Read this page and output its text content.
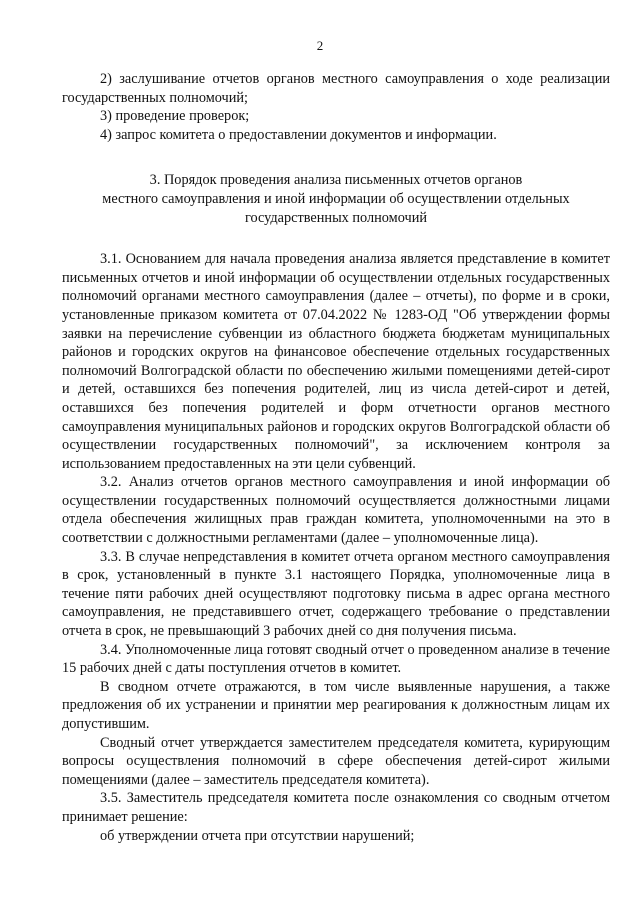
2

2) заслушивание отчетов органов местного самоуправления о ходе реализации государственных полномочий;

3) проведение проверок;

4) запрос комитета о предоставлении документов и информации.

3. Порядок проведения анализа письменных отчетов органов
местного самоуправления и иной информации об осуществлении отдельных
государственных полномочий

3.1. Основанием для начала проведения анализа является представление в комитет письменных отчетов и иной информации об осуществлении отдельных государственных полномочий органами местного самоуправления (далее – отчеты), по форме и в сроки, установленные приказом комитета от 07.04.2022 № 1283-ОД "Об утверждении формы заявки на перечисление субвенции из областного бюджета бюджетам муниципальных районов и городских округов на финансовое обеспечение отдельных государственных полномочий Волгоградской области по обеспечению жилыми помещениями детей-сирот и детей, оставшихся без попечения родителей, лиц из числа детей-сирот и детей, оставшихся без попечения родителей и форм отчетности органов местного самоуправления муниципальных районов и городских округов Волгоградской области об осуществлении государственных полномочий", за исключением контроля за использованием предоставленных на эти цели субвенций.

3.2. Анализ отчетов органов местного самоуправления и иной информации об осуществлении государственных полномочий осуществляется должностными лицами отдела обеспечения жилищных прав граждан комитета, уполномоченными на это в соответствии с должностными регламентами (далее – уполномоченные лица).

3.3. В случае непредставления в комитет отчета органом местного самоуправления в срок, установленный в пункте 3.1 настоящего Порядка, уполномоченные лица в течение пяти рабочих дней осуществляют подготовку письма в адрес органа местного самоуправления, не представившего отчет, содержащего требование о представлении отчета в срок, не превышающий 3 рабочих дней со дня получения письма.

3.4. Уполномоченные лица готовят сводный отчет о проведенном анализе в течение 15 рабочих дней с даты поступления отчетов в комитет.

В сводном отчете отражаются, в том числе выявленные нарушения, а также предложения об их устранении и принятии мер реагирования к должностным лицам их допустившим.

Сводный отчет утверждается заместителем председателя комитета, курирующим вопросы осуществления полномочий в сфере обеспечения детей-сирот жилыми помещениями (далее – заместитель председателя комитета).

3.5. Заместитель председателя комитета после ознакомления со сводным отчетом принимает решение:

об утверждении отчета при отсутствии нарушений;
